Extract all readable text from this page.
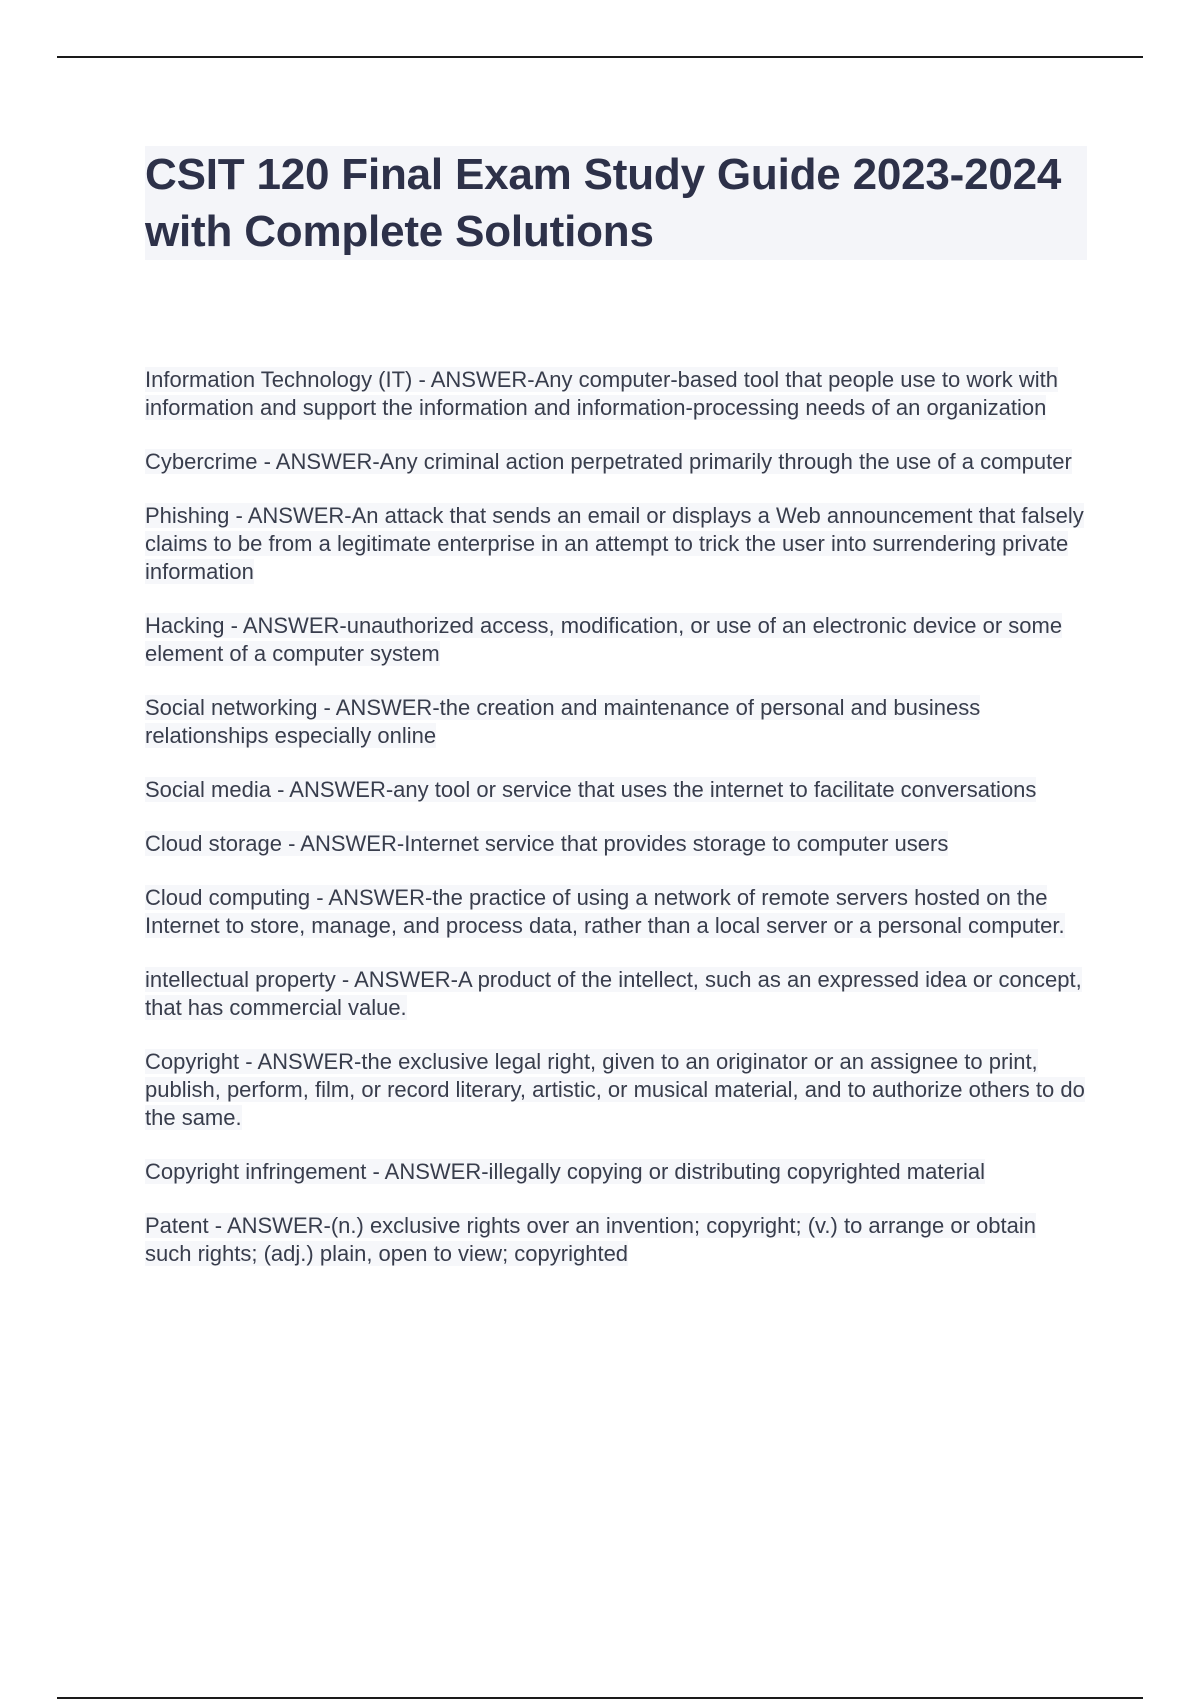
CSIT 120 Final Exam Study Guide 2023-2024 with Complete Solutions
Information Technology (IT) - ANSWER-Any computer-based tool that people use to work with information and support the information and information-processing needs of an organization
Cybercrime - ANSWER-Any criminal action perpetrated primarily through the use of a computer
Phishing - ANSWER-An attack that sends an email or displays a Web announcement that falsely claims to be from a legitimate enterprise in an attempt to trick the user into surrendering private information
Hacking - ANSWER-unauthorized access, modification, or use of an electronic device or some element of a computer system
Social networking - ANSWER-the creation and maintenance of personal and business relationships especially online
Social media - ANSWER-any tool or service that uses the internet to facilitate conversations
Cloud storage - ANSWER-Internet service that provides storage to computer users
Cloud computing - ANSWER-the practice of using a network of remote servers hosted on the Internet to store, manage, and process data, rather than a local server or a personal computer.
intellectual property - ANSWER-A product of the intellect, such as an expressed idea or concept, that has commercial value.
Copyright - ANSWER-the exclusive legal right, given to an originator or an assignee to print, publish, perform, film, or record literary, artistic, or musical material, and to authorize others to do the same.
Copyright infringement - ANSWER-illegally copying or distributing copyrighted material
Patent - ANSWER-(n.) exclusive rights over an invention; copyright; (v.) to arrange or obtain such rights; (adj.) plain, open to view; copyrighted
